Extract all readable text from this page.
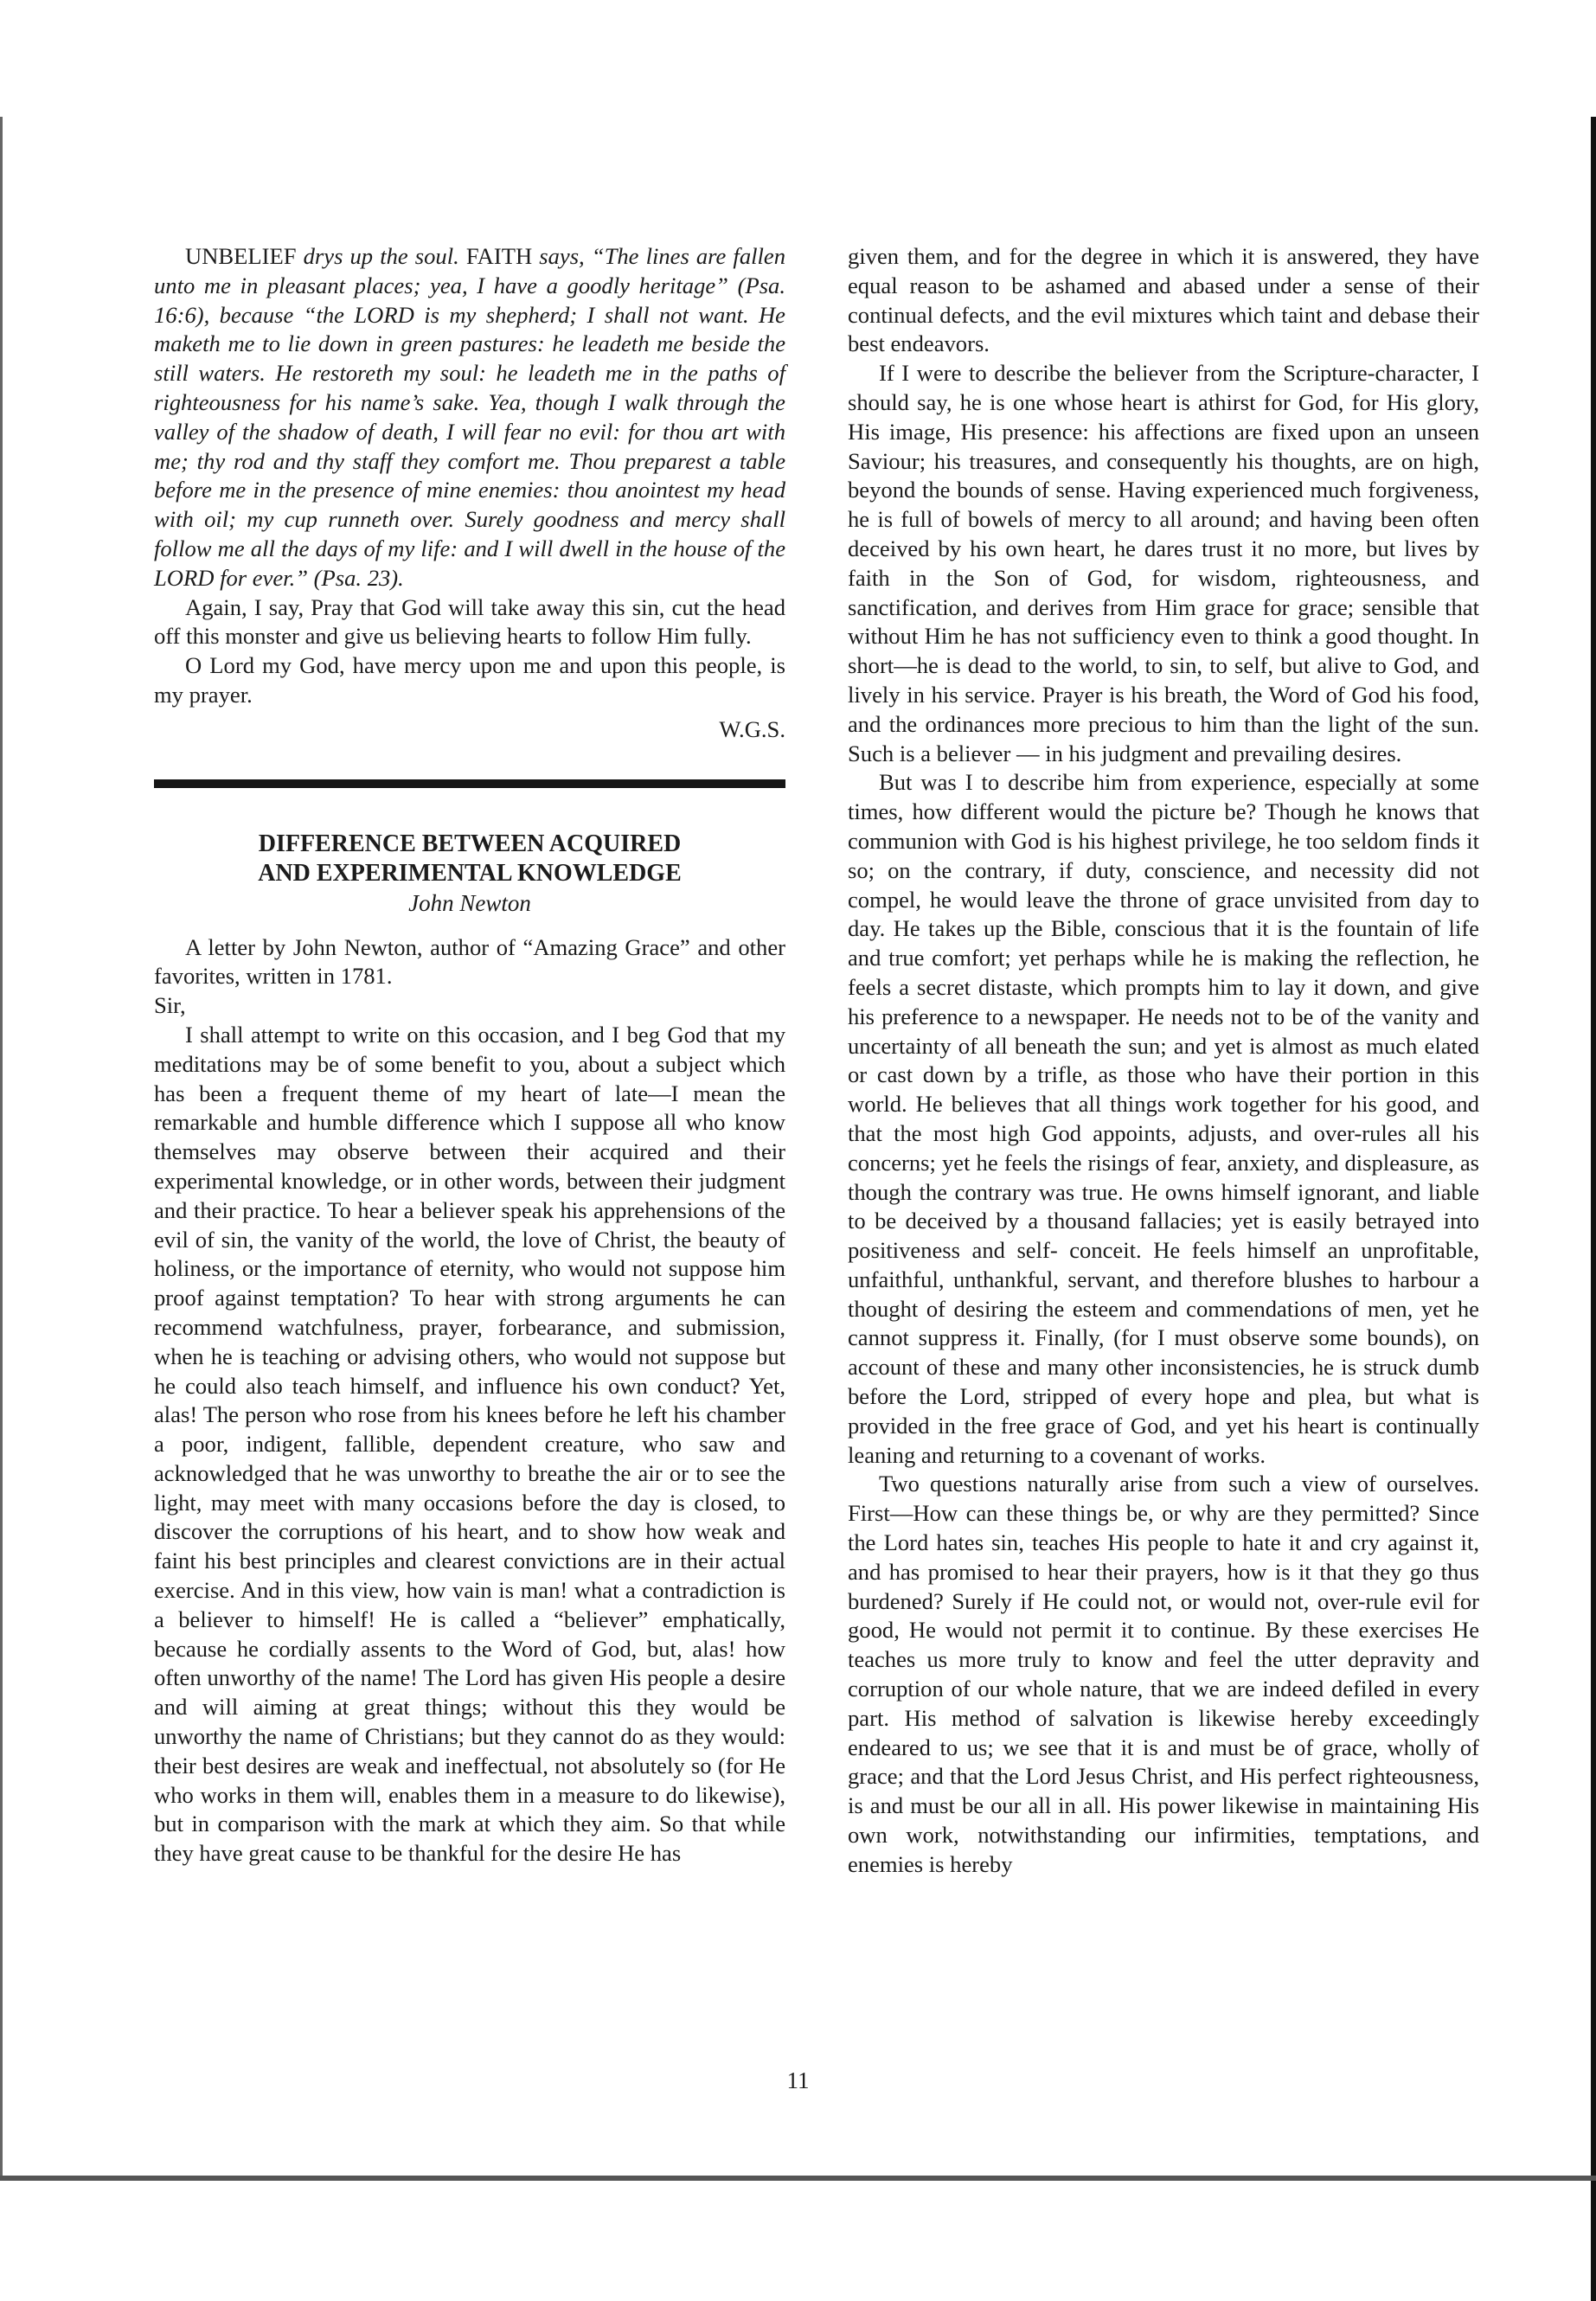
UNBELIEF drys up the soul. FAITH says, “The lines are fallen unto me in pleasant places; yea, I have a goodly heritage” (Psa. 16:6), because “the LORD is my shepherd; I shall not want. He maketh me to lie down in green pastures: he leadeth me beside the still waters. He restoreth my soul: he leadeth me in the paths of righteousness for his name’s sake. Yea, though I walk through the valley of the shadow of death, I will fear no evil: for thou art with me; thy rod and thy staff they comfort me. Thou preparest a table before me in the presence of mine enemies: thou anointest my head with oil; my cup runneth over. Surely goodness and mercy shall follow me all the days of my life: and I will dwell in the house of the LORD for ever.” (Psa. 23).

Again, I say, Pray that God will take away this sin, cut the head off this monster and give us believing hearts to follow Him fully.

O Lord my God, have mercy upon me and upon this people, is my prayer.

W.G.S.
DIFFERENCE BETWEEN ACQUIRED
AND EXPERIMENTAL KNOWLEDGE
John Newton

A letter by John Newton, author of “Amazing Grace” and other favorites, written in 1781.

Sir,

I shall attempt to write on this occasion, and I beg God that my meditations may be of some benefit to you, about a subject which has been a frequent theme of my heart of late—I mean the remarkable and humble difference which I suppose all who know themselves may observe between their acquired and their experimental knowledge, or in other words, between their judgment and their practice. To hear a believer speak his apprehensions of the evil of sin, the vanity of the world, the love of Christ, the beauty of holiness, or the importance of eternity, who would not suppose him proof against temptation? To hear with strong arguments he can recommend watchfulness, prayer, forbearance, and submission, when he is teaching or advising others, who would not suppose but he could also teach himself, and influence his own conduct? Yet, alas! The person who rose from his knees before he left his chamber a poor, indigent, fallible, dependent creature, who saw and acknowledged that he was unworthy to breathe the air or to see the light, may meet with many occasions before the day is closed, to discover the corruptions of his heart, and to show how weak and faint his best principles and clearest convictions are in their actual exercise. And in this view, how vain is man! what a contradiction is a believer to himself! He is called a “believer” emphatically, because he cordially assents to the Word of God, but, alas! how often unworthy of the name! The Lord has given His people a desire and will aiming at great things; without this they would be unworthy the name of Christians; but they cannot do as they would: their best desires are weak and ineffectual, not absolutely so (for He who works in them will, enables them in a measure to do likewise), but in comparison with the mark at which they aim. So that while they have great cause to be thankful for the desire He has

given them, and for the degree in which it is answered, they have equal reason to be ashamed and abased under a sense of their continual defects, and the evil mixtures which taint and debase their best endeavors.

If I were to describe the believer from the Scripture-character, I should say, he is one whose heart is athirst for God, for His glory, His image, His presence: his affections are fixed upon an unseen Saviour; his treasures, and consequently his thoughts, are on high, beyond the bounds of sense. Having experienced much forgiveness, he is full of bowels of mercy to all around; and having been often deceived by his own heart, he dares trust it no more, but lives by faith in the Son of God, for wisdom, righteousness, and sanctification, and derives from Him grace for grace; sensible that without Him he has not sufficiency even to think a good thought. In short—he is dead to the world, to sin, to self, but alive to God, and lively in his service. Prayer is his breath, the Word of God his food, and the ordinances more precious to him than the light of the sun. Such is a believer — in his judgment and prevailing desires.

But was I to describe him from experience, especially at some times, how different would the picture be? Though he knows that communion with God is his highest privilege, he too seldom finds it so; on the contrary, if duty, conscience, and necessity did not compel, he would leave the throne of grace unvisited from day to day. He takes up the Bible, conscious that it is the fountain of life and true comfort; yet perhaps while he is making the reflection, he feels a secret distaste, which prompts him to lay it down, and give his preference to a newspaper. He needs not to be of the vanity and uncertainty of all beneath the sun; and yet is almost as much elated or cast down by a trifle, as those who have their portion in this world. He believes that all things work together for his good, and that the most high God appoints, adjusts, and over-rules all his concerns; yet he feels the risings of fear, anxiety, and displeasure, as though the contrary was true. He owns himself ignorant, and liable to be deceived by a thousand fallacies; yet is easily betrayed into positiveness and self- conceit. He feels himself an unprofitable, unfaithful, unthankful, servant, and therefore blushes to harbour a thought of desiring the esteem and commendations of men, yet he cannot suppress it. Finally, (for I must observe some bounds), on account of these and many other inconsistencies, he is struck dumb before the Lord, stripped of every hope and plea, but what is provided in the free grace of God, and yet his heart is continually leaning and returning to a covenant of works.

Two questions naturally arise from such a view of ourselves. First—How can these things be, or why are they permitted? Since the Lord hates sin, teaches His people to hate it and cry against it, and has promised to hear their prayers, how is it that they go thus burdened? Surely if He could not, or would not, over-rule evil for good, He would not permit it to continue. By these exercises He teaches us more truly to know and feel the utter depravity and corruption of our whole nature, that we are indeed defiled in every part. His method of salvation is likewise hereby exceedingly endeared to us; we see that it is and must be of grace, wholly of grace; and that the Lord Jesus Christ, and His perfect righteousness, is and must be our all in all. His power likewise in maintaining His own work, notwithstanding our infirmities, temptations, and enemies is hereby

11
